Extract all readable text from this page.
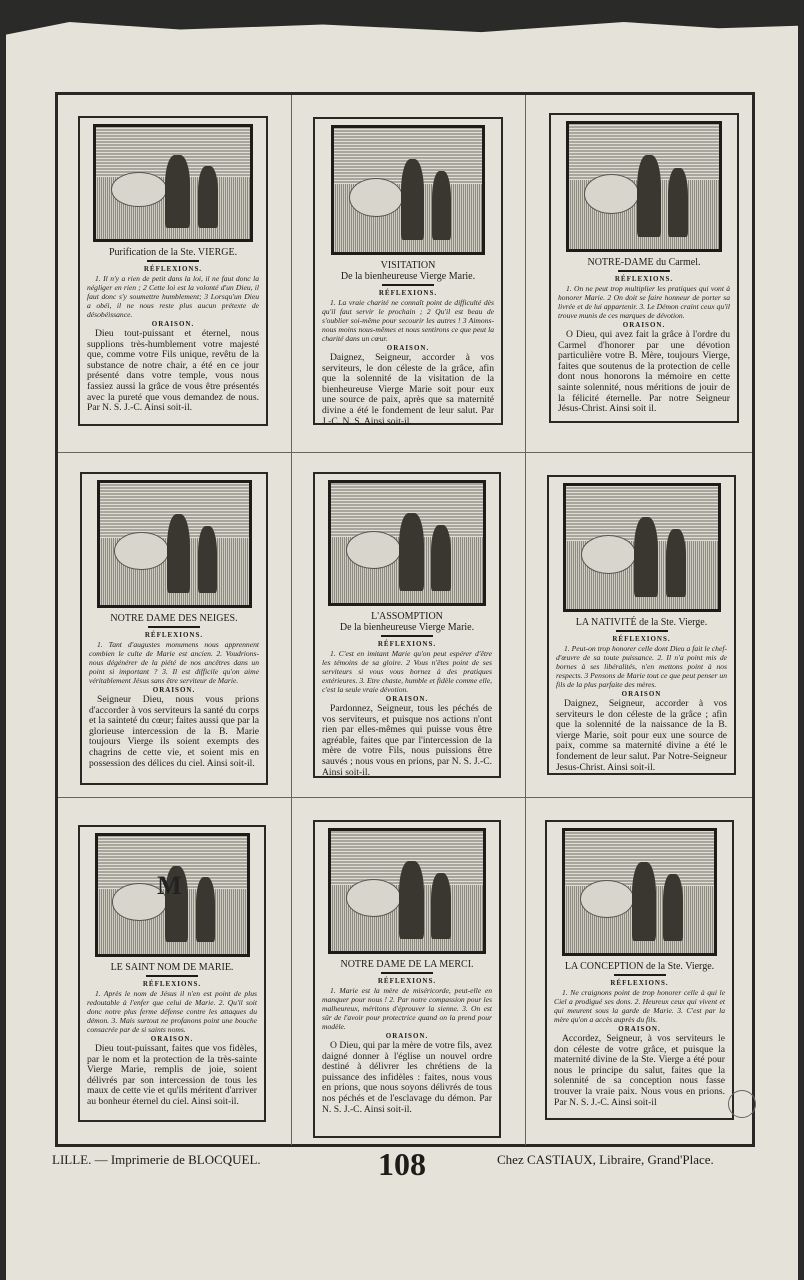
Purification de la Ste. VIERGE.
RÉFLEXIONS.
1. Il n'y a rien de petit dans la loi, il ne faut donc la négliger en rien ; 2 Cette loi est la volonté d'un Dieu, il faut donc s'y soumettre humblement; 3 Lorsqu'un Dieu a obéi, il ne nous reste plus aucun prétexte de désobéissance.
ORAISON.
Dieu tout-puissant et éternel, nous supplions très-humblement votre majesté que, comme votre Fils unique, revêtu de la substance de notre chair, a été en ce jour présenté dans votre temple, vous nous fassiez aussi la grâce de vous être présentés avec la pureté que vous demandez de nous. Par N. S. J.-C. Ainsi soit-il.
VISITATION
De la bienheureuse Vierge Marie.
RÉFLEXIONS.
1. La vraie charité ne connaît point de difficulté dès qu'il faut servir le prochain ; 2 Qu'il est beau de s'oublier soi-même pour secourir les autres ! 3 Aimons-nous moins nous-mêmes et nous sentirons ce que peut la charité dans un cœur.
ORAISON.
Daignez, Seigneur, accorder à vos serviteurs, le don céleste de la grâce, afin que la solennité de la visitation de la bienheureuse Vierge Marie soit pour eux une source de paix, après que sa maternité divine a été le fondement de leur salut. Par J.-C. N. S. Ainsi soit-il.
NOTRE-DAME du Carmel.
RÉFLEXIONS.
1. On ne peut trop multiplier les pratiques qui vont à honorer Marie. 2 On doit se faire honneur de porter sa livrée et de lui appartenir. 3. Le Démon craint ceux qu'il trouve munis de ces marques de dévotion.
ORAISON.
O Dieu, qui avez fait la grâce à l'ordre du Carmel d'honorer par une dévotion particulière votre B. Mère, toujours Vierge, faites que soutenus de la protection de celle dont nous honorons la mémoire en cette sainte solennité, nous méritions de jouir de la félicité éternelle. Par notre Seigneur Jésus-Christ. Ainsi soit il.
NOTRE DAME DES NEIGES.
RÉFLEXIONS.
1. Tant d'augustes monumens nous apprennent combien le culte de Marie est ancien. 2. Voudrions-nous dégénérer de la piété de nos ancêtres dans un point si important ? 3. Il est difficile qu'on aime véritablement Jésus sans être serviteur de Marie.
ORAISON.
Seigneur Dieu, nous vous prions d'accorder à vos serviteurs la santé du corps et la sainteté du cœur; faites aussi que par la glorieuse intercession de la B. Marie toujours Vierge ils soient exempts des chagrins de cette vie, et soient mis en possession des délices du ciel. Ainsi soit-il.
L'ASSOMPTION
De la bienheureuse Vierge Marie.
RÉFLEXIONS.
1. C'est en imitant Marie qu'on peut espérer d'être les témoins de sa gloire. 2 Vous n'êtes point de ses serviteurs si vous vous bornez à des pratiques extérieures. 3. Etre chaste, humble et fidèle comme elle, c'est la seule vraie dévotion.
ORAISON.
Pardonnez, Seigneur, tous les péchés de vos serviteurs, et puisque nos actions n'ont rien par elles-mêmes qui puisse vous être agréable, faites que par l'intercession de la mère de votre Fils, nous puissions être sauvés ; nous vous en prions, par N. S. J.-C. Ainsi soit-il.
LA NATIVITÉ de la Ste. Vierge.
RÉFLEXIONS.
1. Peut-on trop honorer celle dont Dieu a fait le chef-d'œuvre de sa toute puissance. 2. Il n'a point mis de bornes à ses libéralités, n'en mettons point à nos respects. 3 Pensons de Marie tout ce que peut penser un fils de la plus parfaite des mères.
ORAISON
Daignez, Seigneur, accorder à vos serviteurs le don céleste de la grâce ; afin que la solennité de la naissance de la B. vierge Marie, soit pour eux une source de paix, comme sa maternité divine a été le fondement de leur salut. Par Notre-Seigneur Jesus-Christ. Ainsi soit-il.
M
LE SAINT NOM DE MARIE.
RÉFLEXIONS.
1. Après le nom de Jésus il n'en est point de plus redoutable à l'enfer que celui de Marie. 2. Qu'il soit donc notre plus ferme défense contre les attaques du démon. 3. Mais surtout ne profanons point une bouche consacrée par de si saints noms.
ORAISON.
Dieu tout-puissant, faites que vos fidèles, par le nom et la protection de la très-sainte Vierge Marie, remplis de joie, soient délivrés par son intercession de tous les maux de cette vie et qu'ils méritent d'arriver au bonheur éternel du ciel. Ainsi soit-il.
NOTRE DAME DE LA MERCI.
RÉFLEXIONS.
1. Marie est la mère de miséricorde, peut-elle en manquer pour nous ! 2. Par notre compassion pour les malheureux, méritons d'éprouver la sienne. 3. On est sûr de l'avoir pour protectrice quand on la prend pour modèle.
ORAISON.
O Dieu, qui par la mère de votre fils, avez daigné donner à l'église un nouvel ordre destiné à délivrer les chrétiens de la puissance des infidèles : faites, nous vous en prions, que nous soyons délivrés de tous nos péchés et de l'esclavage du démon. Par N. S. J.-C. Ainsi soit-il.
LA CONCEPTION de la Ste. Vierge.
RÉFLEXIONS.
1. Ne craignons point de trop honorer celle à qui le Ciel a prodigué ses dons. 2. Heureux ceux qui vivent et qui meurent sous la garde de Marie. 3. C'est par la mère qu'on a accès auprès du fils.
ORAISON.
Accordez, Seigneur, à vos serviteurs le don céleste de votre grâce, et puisque la maternité divine de la Ste. Vierge a été pour nous le principe du salut, faites que la solennité de sa conception nous fasse trouver la vraie paix. Nous vous en prions. Par N. S. J.-C. Ainsi soit-il
LILLE. — Imprimerie de BLOCQUEL.	108	Chez CASTIAUX, Libraire, Grand'Place.
